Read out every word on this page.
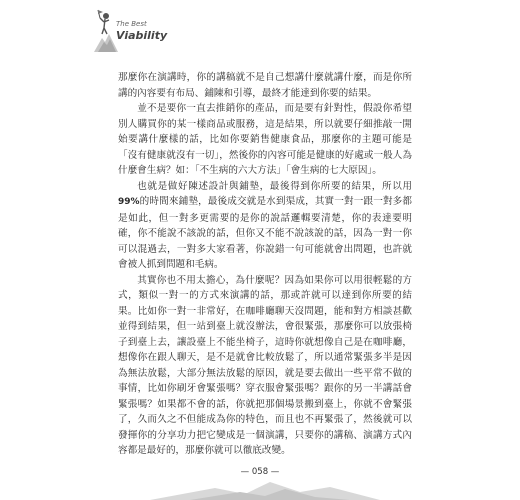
The Best
Viability

那麼你在演講時，你的講稿就不是自己想講什麼就講什麼，而是你所講的內容要有布局、鋪陳和引導，最終才能達到你要的結果。

並不是要你一直去推銷你的產品，而是要有針對性，假設你希望別人購買你的某一樣商品或服務，這是結果，所以就要仔細推敲一開始要講什麼樣的話，比如你要銷售健康食品，那麼你的主題可能是「沒有健康就沒有一切」，然後你的內容可能是健康的好處或一般人為什麼會生病？如：「不生病的六大方法」「會生病的七大原因」。

也就是做好陳述設計與鋪墊，最後得到你所要的結果，所以用99%的時間來鋪墊，最後成交就是水到渠成，其實一對一跟一對多都是如此，但一對多更需要的是你的說話邏輯要清楚，你的表達要明確，你不能說不該說的話，但你又不能不說該說的話，因為一對一你可以混過去，一對多大家看著，你說錯一句可能就會出問題，也許就會被人抓到問題和毛病。

其實你也不用太擔心，為什麼呢？因為如果你可以用很輕鬆的方式，類似一對一的方式來演講的話，那或許就可以達到你所要的結果。比如你一對一非常好，在咖啡廳聊天沒問題，能和對方相談甚歡並得到結果，但一站到臺上就沒辦法，會很緊張，那麼你可以放張椅子到臺上去，讓設臺上不能坐椅子，這時你就想像自己是在咖啡廳，想像你在跟人聊天，是不是就會比較放鬆了，所以通常緊張多半是因為無法放鬆，大部分無法放鬆的原因，就是要去做出一些平常不做的事情，比如你刷牙會緊張嗎？穿衣服會緊張嗎？跟你的另一半講話會緊張嗎？如果都不會的話，你就把那個場景搬到臺上，你就不會緊張了，久而久之不但能成為你的特色，而且也不再緊張了，然後就可以發揮你的分享功力把它變成是一個演講，只要你的講稿、演講方式內容都是最好的，那麼你就可以徹底改變。

— 058 —
